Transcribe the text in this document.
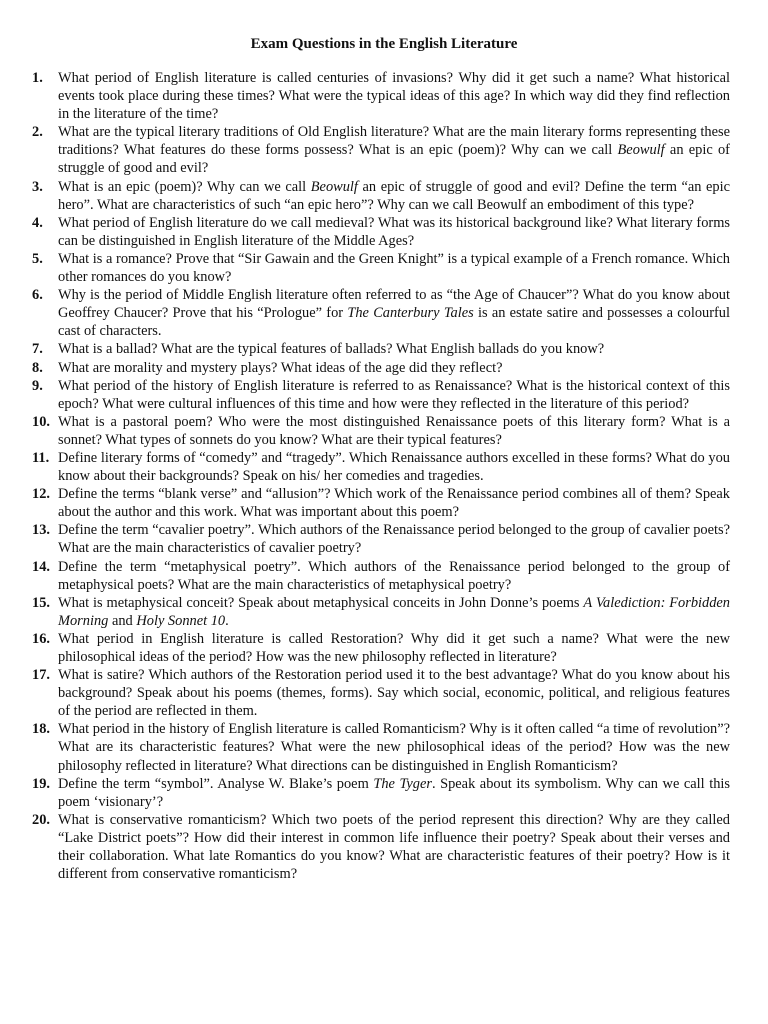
Exam Questions in the English Literature
1. What period of English literature is called centuries of invasions? Why did it get such a name? What historical events took place during these times? What were the typical ideas of this age? In which way did they find reflection in the literature of the time?
2. What are the typical literary traditions of Old English literature? What are the main literary forms representing these traditions? What features do these forms possess? What is an epic (poem)? Why can we call Beowulf an epic of struggle of good and evil?
3. What is an epic (poem)? Why can we call Beowulf an epic of struggle of good and evil? Define the term “an epic hero”. What are characteristics of such “an epic hero”? Why can we call Beowulf an embodiment of this type?
4. What period of English literature do we call medieval? What was its historical background like? What literary forms can be distinguished in English literature of the Middle Ages?
5. What is a romance? Prove that “Sir Gawain and the Green Knight” is a typical example of a French romance. Which other romances do you know?
6. Why is the period of Middle English literature often referred to as “the Age of Chaucer”? What do you know about Geoffrey Chaucer? Prove that his “Prologue” for The Canterbury Tales is an estate satire and possesses a colourful cast of characters.
7. What is a ballad? What are the typical features of ballads? What English ballads do you know?
8. What are morality and mystery plays? What ideas of the age did they reflect?
9. What period of the history of English literature is referred to as Renaissance? What is the historical context of this epoch? What were cultural influences of this time and how were they reflected in the literature of this period?
10. What is a pastoral poem? Who were the most distinguished Renaissance poets of this literary form? What is a sonnet? What types of sonnets do you know? What are their typical features?
11. Define literary forms of “comedy” and “tragedy”. Which Renaissance authors excelled in these forms? What do you know about their backgrounds? Speak on his/ her comedies and tragedies.
12. Define the terms “blank verse” and “allusion”? Which work of the Renaissance period combines all of them? Speak about the author and this work. What was important about this poem?
13. Define the term “cavalier poetry”. Which authors of the Renaissance period belonged to the group of cavalier poets? What are the main characteristics of cavalier poetry?
14. Define the term “metaphysical poetry”. Which authors of the Renaissance period belonged to the group of metaphysical poets? What are the main characteristics of metaphysical poetry?
15. What is metaphysical conceit? Speak about metaphysical conceits in John Donne’s poems A Valediction: Forbidden Morning and Holy Sonnet 10.
16. What period in English literature is called Restoration? Why did it get such a name? What were the new philosophical ideas of the period? How was the new philosophy reflected in literature?
17. What is satire? Which authors of the Restoration period used it to the best advantage? What do you know about his background? Speak about his poems (themes, forms). Say which social, economic, political, and religious features of the period are reflected in them.
18. What period in the history of English literature is called Romanticism? Why is it often called “a time of revolution”? What are its characteristic features? What were the new philosophical ideas of the period? How was the new philosophy reflected in literature? What directions can be distinguished in English Romanticism?
19. Define the term “symbol”. Analyse W. Blake’s poem The Tyger. Speak about its symbolism. Why can we call this poem ‘visionary’?
20. What is conservative romanticism? Which two poets of the period represent this direction? Why are they called “Lake District poets”? How did their interest in common life influence their poetry? Speak about their verses and their collaboration. What late Romantics do you know? What are characteristic features of their poetry? How is it different from conservative romanticism?
